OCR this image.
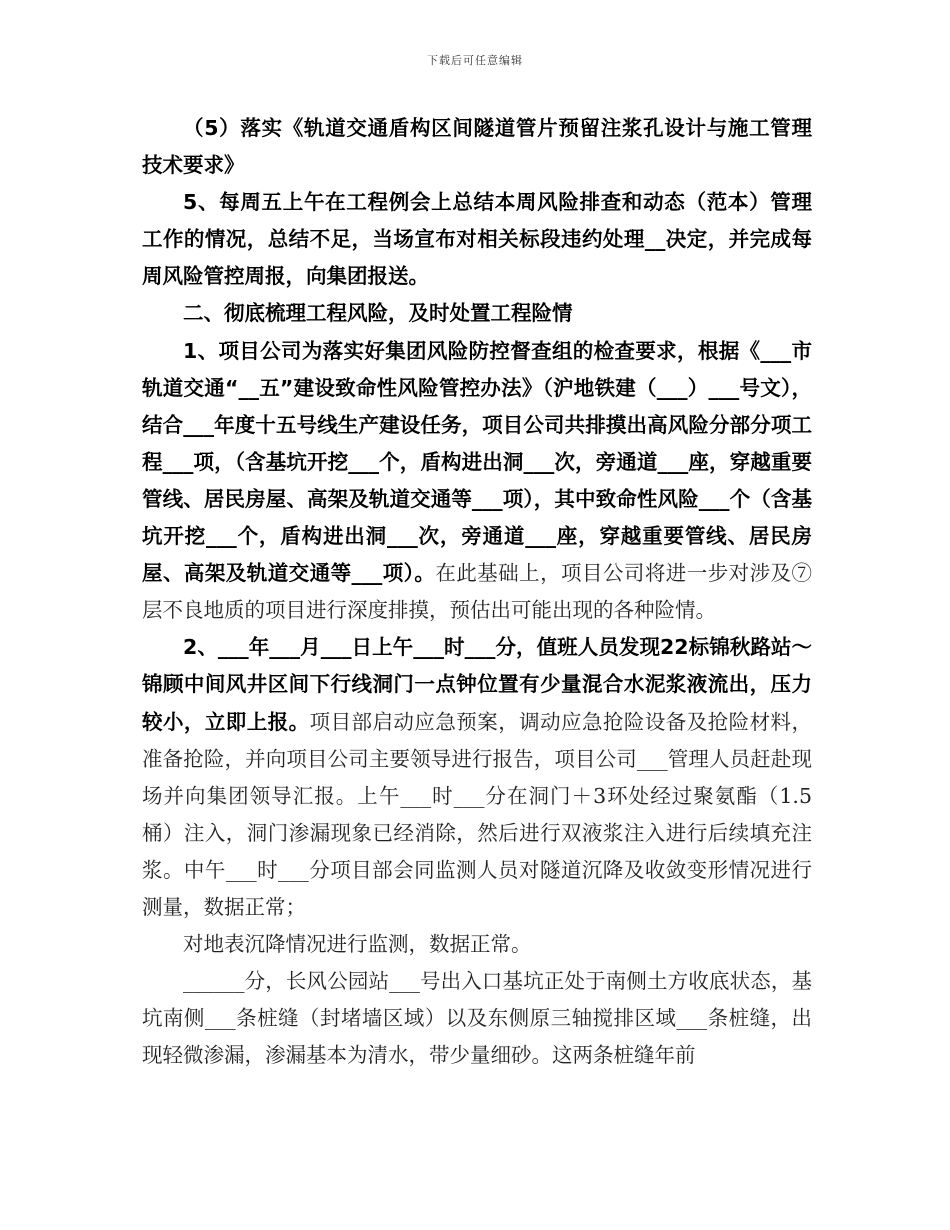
下载后可任意编辑

（5）落实《轨道交通盾构区间隧道管片预留注浆孔设计与施工管理技术要求》

5、每周五上午在工程例会上总结本周风险排查和动态（范本）管理工作的情况，总结不足，当场宣布对相关标段违约处理__决定，并完成每周风险管控周报，向集团报送。

二、彻底梳理工程风险，及时处置工程险情

1、项目公司为落实好集团风险防控督查组的检查要求，根据《___市轨道交通“__五”建设致命性风险管控办法》（沪地铁建（___）___号文），结合___年度十五号线生产建设任务，项目公司共排摸出高风险分部分项工程___项，（含基坑开挖___个，盾构进出洞___次，旁通道___座，穿越重要管线、居民房屋、高架及轨道交通等___项），其中致命性风险___个（含基坑开挖___个，盾构进出洞___次，旁通道___座，穿越重要管线、居民房屋、高架及轨道交通等___项）。在此基础上，项目公司将进一步对涉及⑦层不良地质的项目进行深度排摸，预估出可能出现的各种险情。

2、___年___月___日上午___时___分，值班人员发现22标锦秋路站～锦顾中间风井区间下行线洞门一点钟位置有少量混合水泥浆液流出，压力较小，立即上报。项目部启动应急预案，调动应急抢险设备及抢险材料，准备抢险，并向项目公司主要领导进行报告，项目公司___管理人员赶赴现场并向集团领导汇报。上午___时___分在洞门＋3环处经过聚氨酯（1.5桶）注入，洞门渗漏现象已经消除，然后进行双液浆注入进行后续填充注浆。中午___时___分项目部会同监测人员对隧道沉降及收敛变形情况进行测量，数据正常；

对地表沉降情况进行监测，数据正常。

______分，长风公园站___号出入口基坑正处于南侧土方收底状态，基坑南侧___条桩缝（封堵墙区域）以及东侧原三轴搅排区域___条桩缝，出现轻微渗漏，渗漏基本为清水，带少量细砂。这两条桩缝年前
